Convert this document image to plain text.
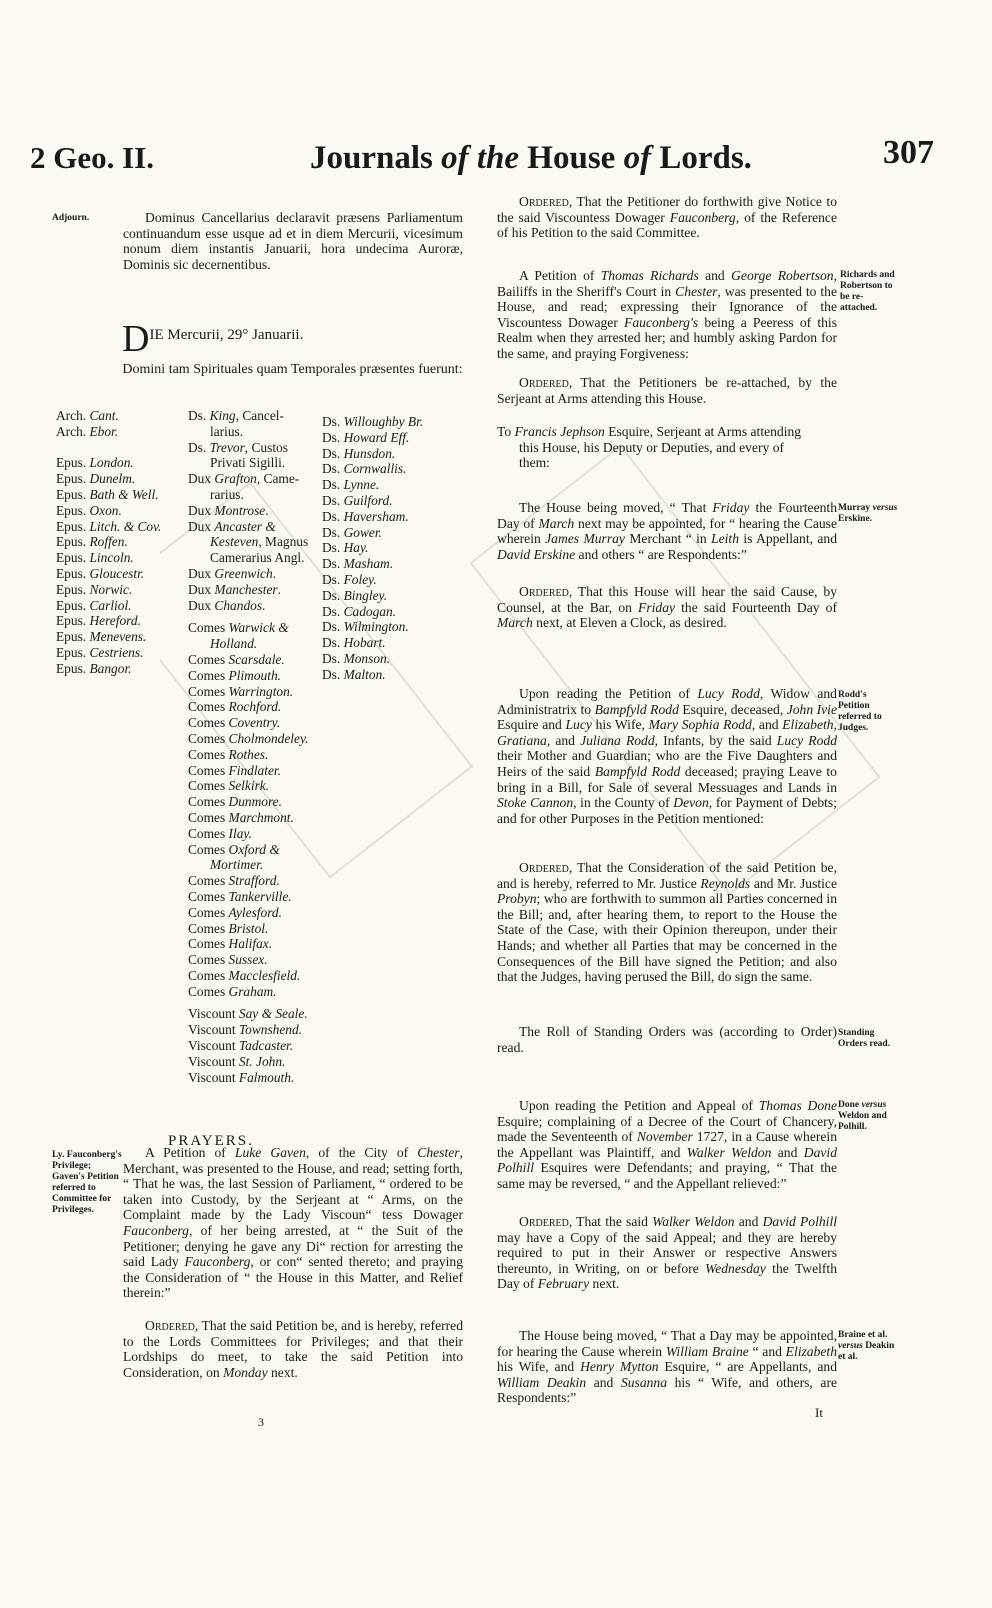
2 Geo. II.	Journals of the House of Lords.	307
Adjourn.	Dominus Cancellarius declaravit præsens Parliamentum continuandum esse usque ad et in diem Mercurii, vicesimum nonum diem instantis Januarii, hora undecima Auroræ, Dominis sic decernentibus.

DIE Mercurii, 29° Januarii.
Domini tam Spirituales quam Temporales præsentes fuerunt:
Arch. Cant.
Arch. Ebor.

Epus. London.
Epus. Dunelm.
Epus. Bath & Well.
Epus. Oxon.
Epus. Litch. & Cov.
Epus. Roffen.
Epus. Lincoln.
Epus. Gloucestr.
Epus. Norwic.
Epus. Carliol.
Epus. Hereford.
Epus. Menevens.
Epus. Cestriens.
Epus. Bangor.
Ds. King, Cancel-
larius.
Ds. Trevor, Custos
Privati Sigilli.
Dux Grafton, Came-
rarius.
Dux Montrose.
Dux Ancaster &
Kesteven, Magnus
Camerarius Angl.
Dux Greenwich.
Dux Manchester.
Dux Chandos.
Comes Warwick &
Holland.
Comes Scarsdale.
Comes Plimouth.
Comes Warrington.
Comes Rochford.
Comes Coventry.
Comes Cholmondeley.
Comes Rothes.
Comes Findlater.
Comes Selkirk.
Comes Dunmore.
Comes Marchmont.
Comes Ilay.
Comes Oxford &
Mortimer.
Comes Strafford.
Comes Tankerville.
Comes Aylesford.
Comes Bristol.
Comes Halifax.
Comes Sussex.
Comes Macclesfield.
Comes Graham.
Viscount Say & Seale.
Viscount Townshend.
Viscount Tadcaster.
Viscount St. John.
Viscount Falmouth.
Ds. Willoughby Br.
Ds. Howard Eff.
Ds. Hunsdon.
Ds. Cornwallis.
Ds. Lynne.
Ds. Guilford.
Ds. Haversham.
Ds. Gower.
Ds. Hay.
Ds. Masham.
Ds. Foley.
Ds. Bingley.
Ds. Cadogan.
Ds. Wilmington.
Ds. Hobart.
Ds. Monson.
Ds. Malton.
PRAYERS.
Ly. Fauconberg's Privilege; Gaven's Petition referred to Committee for Privileges.

A Petition of Luke Gaven, of the City of Chester, Merchant, was presented to the House, and read; setting forth, “ That he was, the last Session of Parliament, “ ordered to be taken into Custody, by the Serjeant at “ Arms, on the Complaint made by the Lady Viscoun“ tess Dowager Fauconberg, of her being arrested, at “ the Suit of the Petitioner; denying he gave any Di“ rection for arresting the said Lady Fauconberg, or con“ sented thereto; and praying the Consideration of “ the House in this Matter, and Relief therein:”

Ordered, That the said Petition be, and is hereby, referred to the Lords Committees for Privileges; and that their Lordships do meet, to take the said Petition into Consideration, on Monday next.

3

Ordered, That the Petitioner do forthwith give Notice to the said Viscountess Dowager Fauconberg, of the Reference of his Petition to the said Committee.

Richards and Robertson to be re-attached.

A Petition of Thomas Richards and George Robertson, Bailiffs in the Sheriff's Court in Chester, was presented to the House, and read; expressing their Ignorance of the Viscountess Dowager Fauconberg's being a Peeress of this Realm when they arrested her; and humbly asking Pardon for the same, and praying Forgiveness:

Ordered, That the Petitioners be re-attached, by the Serjeant at Arms attending this House.

To Francis Jephson Esquire, Serjeant at Arms attending this House, his Deputy or Deputies, and every of them:

Murray versus Erskine.

The House being moved, “ That Friday the Fourteenth Day of March next may be appointed, for “ hearing the Cause wherein James Murray Merchant “ in Leith is Appellant, and David Erskine and others “ are Respondents:”

Ordered, That this House will hear the said Cause, by Counsel, at the Bar, on Friday the said Fourteenth Day of March next, at Eleven a Clock, as desired.

Rodd's Petition referred to Judges.

Upon reading the Petition of Lucy Rodd, Widow and Administratrix to Bampfyld Rodd Esquire, deceased, John Ivie Esquire and Lucy his Wife, Mary Sophia Rodd, and Elizabeth, Gratiana, and Juliana Rodd, Infants, by the said Lucy Rodd their Mother and Guardian; who are the Five Daughters and Heirs of the said Bampfyld Rodd deceased; praying Leave to bring in a Bill, for Sale of several Messuages and Lands in Stoke Cannon, in the County of Devon, for Payment of Debts; and for other Purposes in the Petition mentioned:

Ordered, That the Consideration of the said Petition be, and is hereby, referred to Mr. Justice Reynolds and Mr. Justice Probyn; who are forthwith to summon all Parties concerned in the Bill; and, after hearing them, to report to the House the State of the Case, with their Opinion thereupon, under their Hands; and whether all Parties that may be concerned in the Consequences of the Bill have signed the Petition; and also that the Judges, having perused the Bill, do sign the same.

Standing Orders read.

The Roll of Standing Orders was (according to Order) read.

Done versus Weldon and Polhill.

Upon reading the Petition and Appeal of Thomas Done Esquire; complaining of a Decree of the Court of Chancery, made the Seventeenth of November 1727, in a Cause wherein the Appellant was Plaintiff, and Walker Weldon and David Polhill Esquires were Defendants; and praying, “ That the same may be reversed, “ and the Appellant relieved:”

Ordered, That the said Walker Weldon and David Polhill may have a Copy of the said Appeal; and they are hereby required to put in their Answer or respective Answers thereunto, in Writing, on or before Wednesday the Twelfth Day of February next.

Braine et al. versus Deakin et al.

The House being moved, “ That a Day may be appointed, for hearing the Cause wherein William Braine “ and Elizabeth his Wife, and Henry Mytton Esquire, “ are Appellants, and William Deakin and Susanna his “ Wife, and others, are Respondents:”

It
